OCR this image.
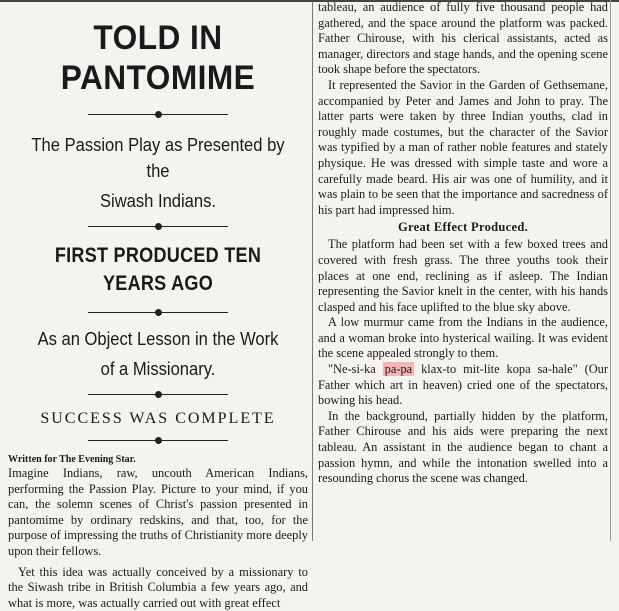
TOLD IN PANTOMIME
The Passion Play as Presented by the
Siwash Indians.
FIRST PRODUCED TEN YEARS AGO
As an Object Lesson in the Work
of a Missionary.
SUCCESS WAS COMPLETE
Written for The Evening Star.

Imagine Indians, raw, uncouth American Indians, performing the Passion Play. Picture to your mind, if you can, the solemn scenes of Christ's passion presented in pantomime by ordinary redskins, and that, too, for the purpose of impressing the truths of Christianity more deeply upon their fellows.

Yet this idea was actually conceived by a missionary to the Siwash tribe in British Columbia a few years ago, and what is more, was actually carried out with great effect

tableau, an audience of fully five thousand people had gathered, and the space around the platform was packed. Father Chirouse, with his clerical assistants, acted as manager, directors and stage hands, and the opening scene took shape before the spectators.

It represented the Savior in the Garden of Gethsemane, accompanied by Peter and James and John to pray. The latter parts were taken by three Indian youths, clad in roughly made costumes, but the character of the Savior was typified by a man of rather noble features and stately physique. He was dressed with simple taste and wore a carefully made beard. His air was one of humility, and it was plain to be seen that the importance and sacredness of his part had impressed him.

Great Effect Produced.

The platform had been set with a few boxed trees and covered with fresh grass. The three youths took their places at one end, reclining as if asleep. The Indian representing the Savior knelt in the center, with his hands clasped and his face uplifted to the blue sky above.

A low murmur came from the Indians in the audience, and a woman broke into hysterical wailing. It was evident the scene appealed strongly to them.

"Ne-si-ka pa-pa klax-to mit-lite kopa sa-hale" (Our Father which art in heaven) cried one of the spectators, bowing his head.

In the background, partially hidden by the platform, Father Chirouse and his aids were preparing the next tableau. An assistant in the audience began to chant a passion hymn, and while the intonation swelled into a resounding chorus the scene was changed.
